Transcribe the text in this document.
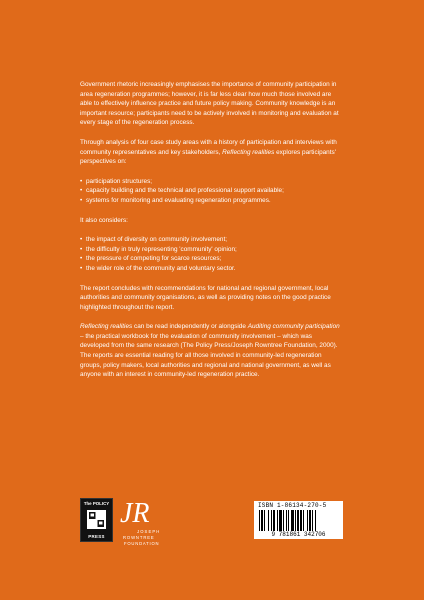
Government rhetoric increasingly emphasises the importance of community participation in area regeneration programmes; however, it is far less clear how much those involved are able to effectively influence practice and future policy making. Community knowledge is an important resource; participants need to be actively involved in monitoring and evaluation at every stage of the regeneration process.

Through analysis of four case study areas with a history of participation and interviews with community representatives and key stakeholders, Reflecting realities explores participants' perspectives on:

• participation structures;
• capacity building and the technical and professional support available;
• systems for monitoring and evaluating regeneration programmes.

It also considers:

• the impact of diversity on community involvement;
• the difficulty in truly representing 'community' opinion;
• the pressure of competing for scarce resources;
• the wider role of the community and voluntary sector.

The report concludes with recommendations for national and regional government, local authorities and community organisations, as well as providing notes on the good practice highlighted throughout the report.

Reflecting realities can be read independently or alongside Auditing community participation – the practical workbook for the evaluation of community involvement – which was developed from the same research (The Policy Press/Joseph Rowntree Foundation, 2000). The reports are essential reading for all those involved in community-led regeneration groups, policy makers, local authorities and regional and national government, as well as anyone with an interest in community-led regeneration practice.

The POLICY
PRESS
JR
JOSEPH
ROWNTREE
FOUNDATION
ISBN 1-86134-270-5
9 781861 342706
